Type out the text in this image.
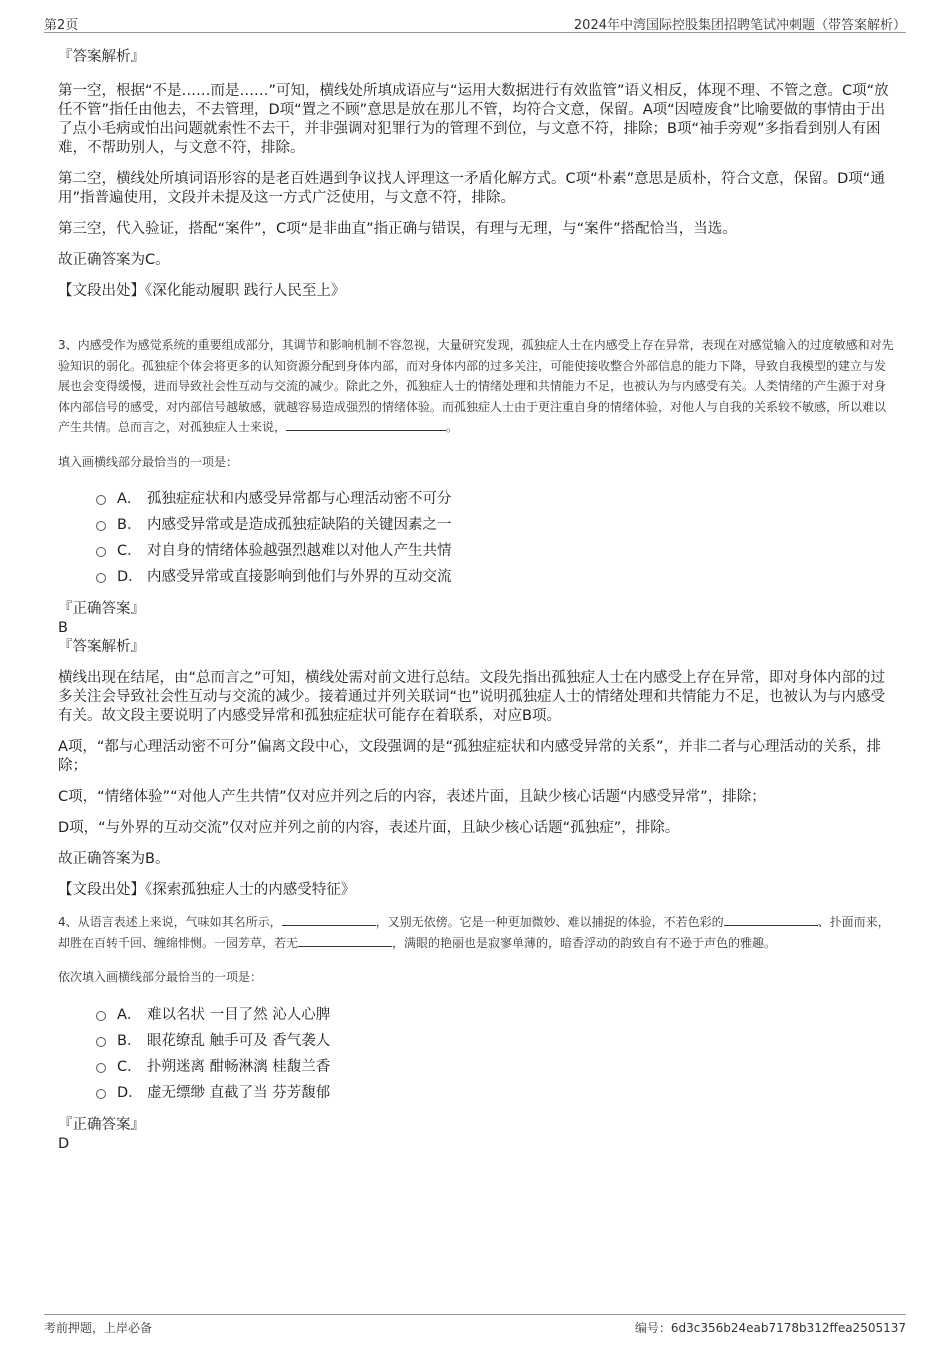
第2页	2024年中湾国际控股集团招聘笔试冲刺题（带答案解析）

『答案解析』

第一空，根据“不是……而是……”可知，横线处所填成语应与“运用大数据进行有效监管”语义相反，体现不理、不管之意。C项“放任不管”指任由他去，不去管理，D项“置之不顾”意思是放在那儿不管，均符合文意，保留。A项“因噎废食”比喻要做的事情由于出了点小毛病或怕出问题就索性不去干，并非强调对犯罪行为的管理不到位，与文意不符，排除；B项“袖手旁观”多指看到别人有困难，不帮助别人，与文意不符，排除。

第二空，横线处所填词语形容的是老百姓遇到争议找人评理这一矛盾化解方式。C项“朴素”意思是质朴，符合文意，保留。D项“通用”指普遍使用，文段并未提及这一方式广泛使用，与文意不符，排除。

第三空，代入验证，搭配“案件”，C项“是非曲直”指正确与错误，有理与无理，与“案件”搭配恰当，当选。

故正确答案为C。

【文段出处】《深化能动履职 践行人民至上》

3、内感受作为感觉系统的重要组成部分，其调节和影响机制不容忽视，大量研究发现，孤独症人士在内感受上存在异常，表现在对感觉输入的过度敏感和对先验知识的弱化。孤独症个体会将更多的认知资源分配到身体内部，而对身体内部的过多关注，可能使接收整合外部信息的能力下降，导致自我模型的建立与发展也会变得缓慢，进而导致社会性互动与交流的减少。除此之外，孤独症人士的情绪处理和共情能力不足，也被认为与内感受有关。人类情绪的产生源于对身体内部信号的感受，对内部信号越敏感，就越容易造成强烈的情绪体验。而孤独症人士由于更注重自身的情绪体验，对他人与自我的关系较不敏感，所以难以产生共情。总而言之，对孤独症人士来说，	。

填入画横线部分最恰当的一项是：

A． 孤独症症状和内感受异常都与心理活动密不可分
B． 内感受异常或是造成孤独症缺陷的关键因素之一
C． 对自身的情绪体验越强烈越难以对他人产生共情
D． 内感受异常或直接影响到他们与外界的互动交流

『正确答案』

B

『答案解析』

横线出现在结尾，由“总而言之”可知，横线处需对前文进行总结。文段先指出孤独症人士在内感受上存在异常，即对身体内部的过多关注会导致社会性互动与交流的减少。接着通过并列关联词“也”说明孤独症人士的情绪处理和共情能力不足，也被认为与内感受有关。故文段主要说明了内感受异常和孤独症症状可能存在着联系，对应B项。

A项，“都与心理活动密不可分”偏离文段中心，文段强调的是“孤独症症状和内感受异常的关系”，并非二者与心理活动的关系，排除；

C项，“情绪体验”“对他人产生共情”仅对应并列之后的内容，表述片面，且缺少核心话题“内感受异常”，排除；

D项，“与外界的互动交流”仅对应并列之前的内容，表述片面，且缺少核心话题“孤独症”，排除。

故正确答案为B。

【文段出处】《探索孤独症人士的内感受特征》

4、从语言表述上来说，气味如其名所示，	，又别无依傍。它是一种更加微妙、难以捕捉的体验，不若色彩的	、扑面而来，却胜在百转千回、缠绵悱恻。一园芳草，若无	，满眼的艳丽也是寂寥单薄的，暗香浮动的韵致自有不逊于声色的雅趣。

依次填入画横线部分最恰当的一项是：

A． 难以名状 一目了然 沁人心脾
B． 眼花缭乱 触手可及 香气袭人
C． 扑朔迷离 酣畅淋漓 桂馥兰香
D． 虚无缥缈 直截了当 芬芳馥郁

『正确答案』

D

考前押题，上岸必备	编号：6d3c356b24eab7178b312ffea2505137
